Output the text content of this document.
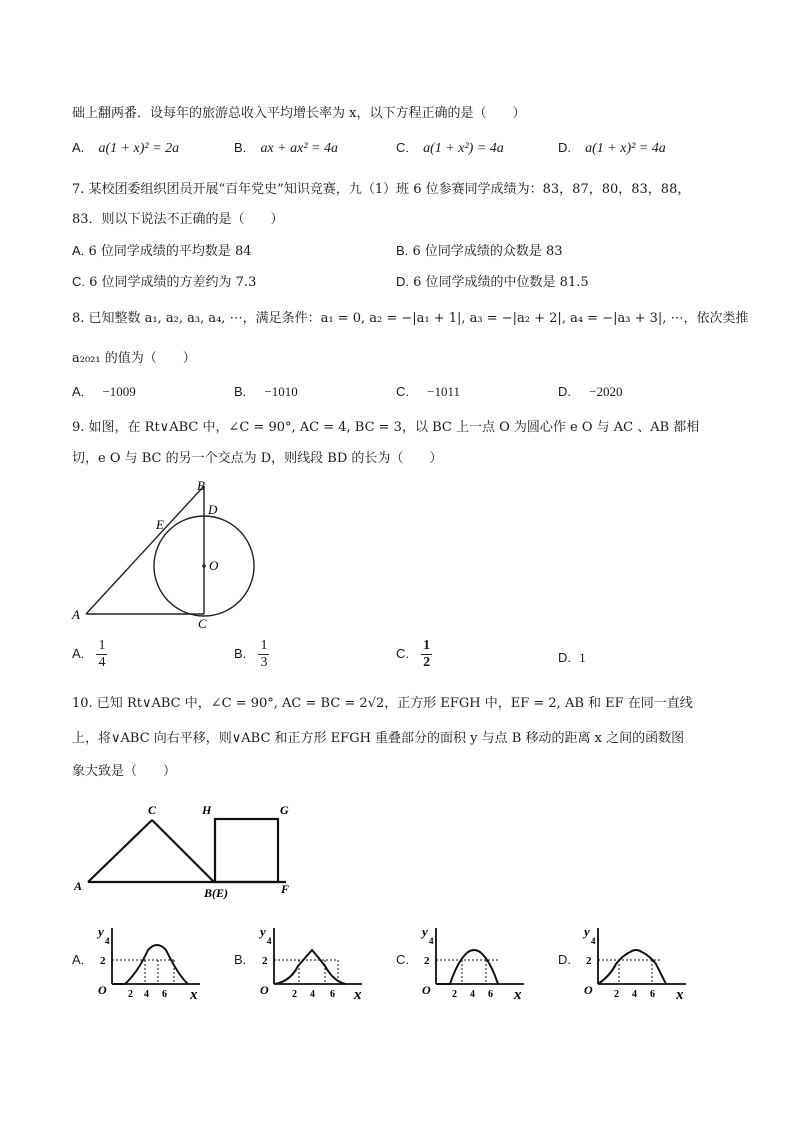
础上翻两番．设每年的旅游总收入平均增长率为 x，以下方程正确的是（　　）
A. a(1 + x)² = 2a	B. ax + ax² = 4a	C. a(1 + x²) = 4a	D. a(1 + x)² = 4a
7. 某校团委组织团员开展“百年党史”知识竞赛，九（1）班 6 位参赛同学成绩为：83，87，80，83，88，
83．则以下说法不正确的是（　　）
A. 6 位同学成绩的平均数是 84	B. 6 位同学成绩的众数是 83
C. 6 位同学成绩的方差约为 7.3	D. 6 位同学成绩的中位数是 81.5
8. 已知整数 a₁, a₂, a₃, a₄, ⋯，满足条件：a₁ = 0, a₂ = −|a₁ + 1|, a₃ = −|a₂ + 2|, a₄ = −|a₃ + 3|, ⋯，依次类推
a₂₀₂₁ 的值为（　　）
A. −1009	B. −1010	C. −1011	D. −2020
9. 如图，在 Rt∨ABC 中，∠C = 90°, AC = 4, BC = 3，以 BC 上一点 O 为圆心作 e O 与 AC 、AB 都相
切，e O 与 BC 的另一个交点为 D，则线段 BD 的长为（　　）
B
D
E
O
A
C
A. $\frac{1}{4}$	B. $\frac{1}{3}$	C. $\frac{1}{2}$	D. 1
10. 已知 Rt∨ABC 中，∠C = 90°, AC = BC = 2√2，正方形 EFGH 中，EF = 2, AB 和 EF 在同一直线
上，将∨ABC 向右平移，则∨ABC 和正方形 EFGH 重叠部分的面积 y 与点 B 移动的距离 x 之间的函数图
象大致是（　　）
C	H	G
A	B(E)	F
A.	B.	C.	D.
y
4
2
O 2 4 6 x
y
4
2
O 2 4 6 x
y
4
2
O 2 4 6 x
y
4
2
O 2 4 6 x
